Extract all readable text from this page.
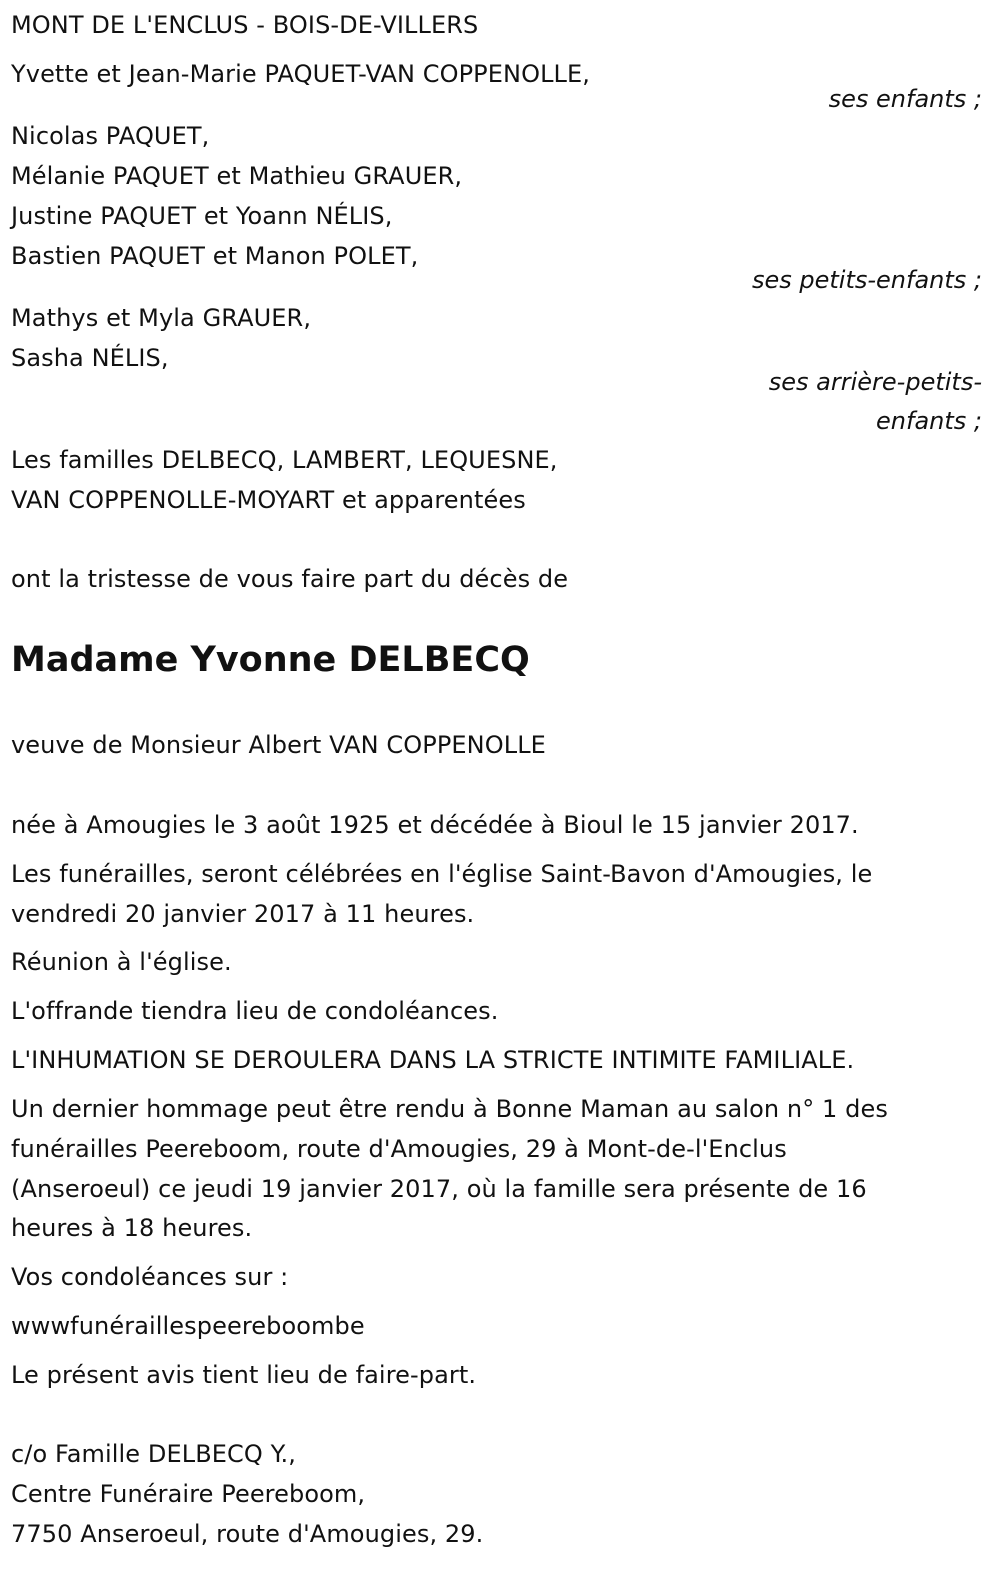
MONT DE L'ENCLUS - BOIS-DE-VILLERS
Yvette et Jean-Marie PAQUET-VAN COPPENOLLE,
ses enfants ;
Nicolas PAQUET,
Mélanie PAQUET et Mathieu GRAUER,
Justine PAQUET et Yoann NÉLIS,
Bastien PAQUET et Manon POLET,
ses petits-enfants ;
Mathys et Myla GRAUER,
Sasha NÉLIS,
ses arrière-petits-
enfants ;
Les familles DELBECQ, LAMBERT, LEQUESNE,
VAN COPPENOLLE-MOYART et apparentées
ont la tristesse de vous faire part du décès de
Madame Yvonne DELBECQ
veuve de Monsieur Albert VAN COPPENOLLE
née à Amougies le 3 août 1925 et décédée à Bioul le 15 janvier 2017.
Les funérailles, seront célébrées en l'église Saint-Bavon d'Amougies, le
vendredi 20 janvier 2017 à 11 heures.
Réunion à l'église.
L'offrande tiendra lieu de condoléances.
L'INHUMATION SE DEROULERA DANS LA STRICTE INTIMITE FAMILIALE.
Un dernier hommage peut être rendu à Bonne Maman au salon n° 1 des
funérailles Peereboom, route d'Amougies, 29 à Mont-de-l'Enclus
(Anseroeul) ce jeudi 19 janvier 2017, où la famille sera présente de 16
heures à 18 heures.
Vos condoléances sur :
wwwfunéraillespeereboombe
Le présent avis tient lieu de faire-part.
c/o Famille DELBECQ Y.,
Centre Funéraire Peereboom,
7750 Anseroeul, route d'Amougies, 29.
